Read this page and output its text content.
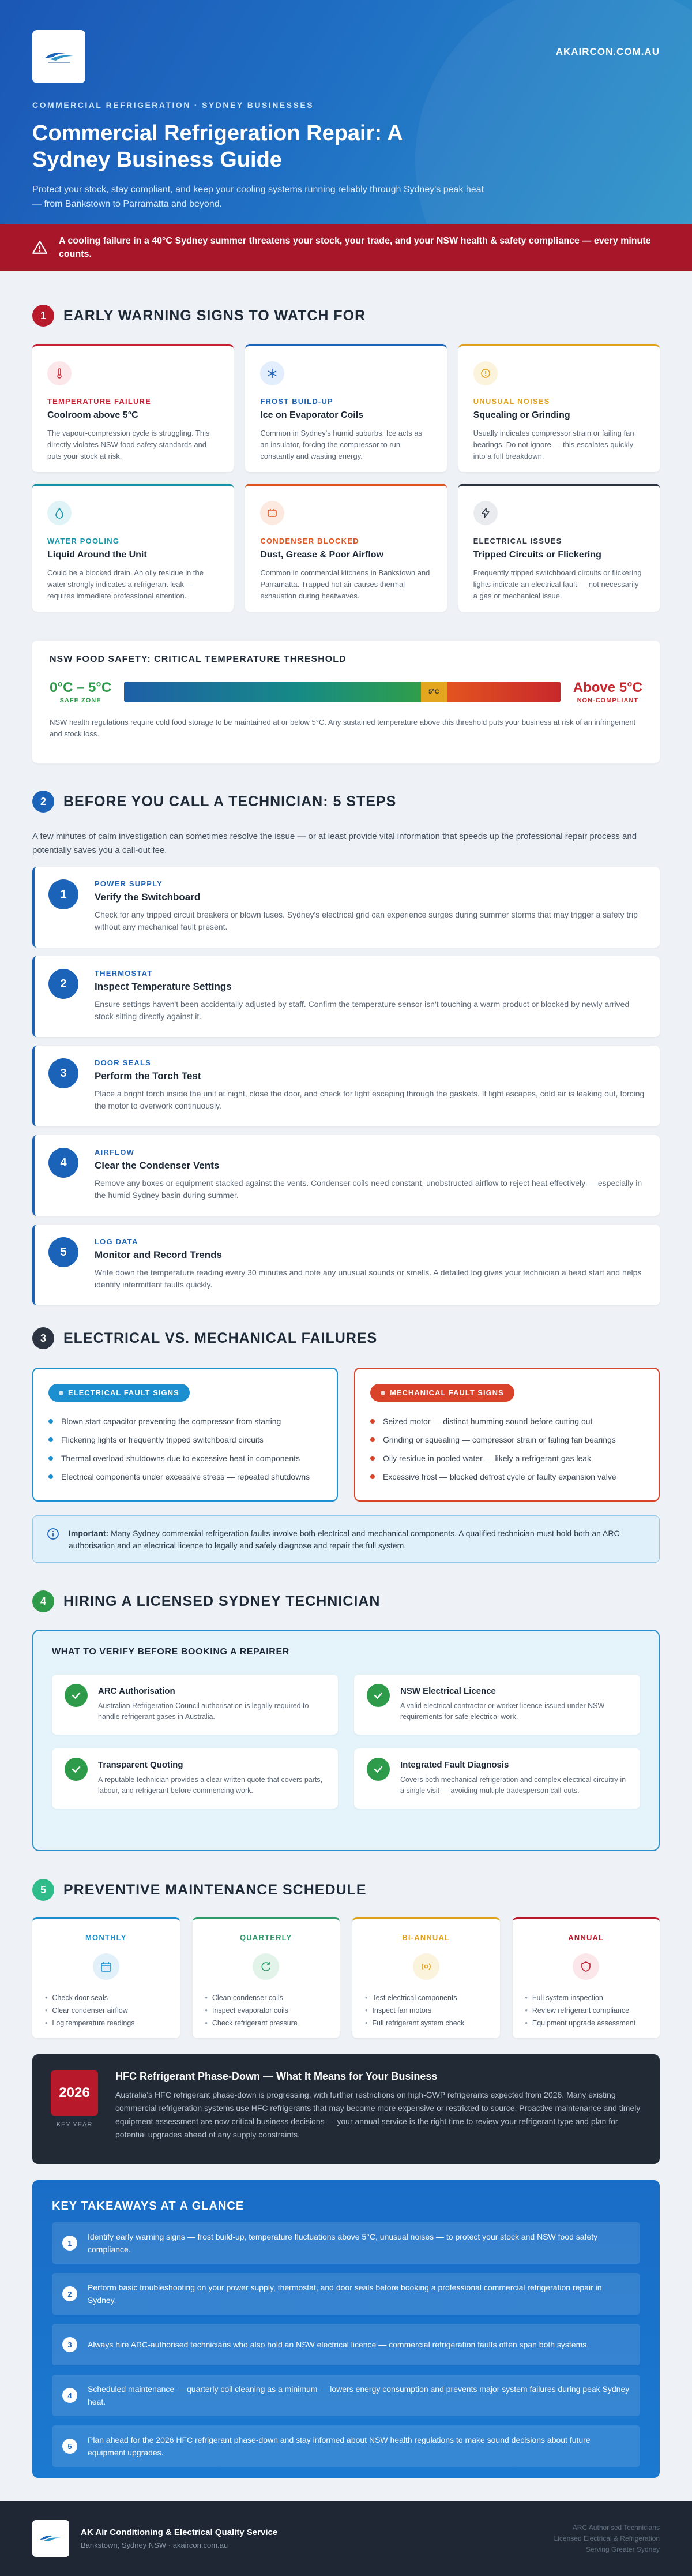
AKAIRCON.COM.AU
COMMERCIAL REFRIGERATION · SYDNEY BUSINESSES
Commercial Refrigeration Repair: A Sydney Business Guide

Protect your stock, stay compliant, and keep your cooling systems running reliably through Sydney's peak heat — from Bankstown to Parramatta and beyond.

A cooling failure in a 40°C Sydney summer threatens your stock, your trade, and your NSW health & safety compliance — every minute counts.
1	EARLY WARNING SIGNS TO WATCH FOR
TEMPERATURE FAILURE
Coolroom above 5°C
The vapour-compression cycle is struggling. This directly violates NSW food safety standards and puts your stock at risk.
FROST BUILD-UP
Ice on Evaporator Coils
Common in Sydney's humid suburbs. Ice acts as an insulator, forcing the compressor to run constantly and wasting energy.
UNUSUAL NOISES
Squealing or Grinding
Usually indicates compressor strain or failing fan bearings. Do not ignore — this escalates quickly into a full breakdown.
WATER POOLING
Liquid Around the Unit
Could be a blocked drain. An oily residue in the water strongly indicates a refrigerant leak — requires immediate professional attention.
CONDENSER BLOCKED
Dust, Grease & Poor Airflow
Common in commercial kitchens in Bankstown and Parramatta. Trapped hot air causes thermal exhaustion during heatwaves.
ELECTRICAL ISSUES
Tripped Circuits or Flickering
Frequently tripped switchboard circuits or flickering lights indicate an electrical fault — not necessarily a gas or mechanical issue.
NSW FOOD SAFETY: CRITICAL TEMPERATURE THRESHOLD
0°C – 5°C
SAFE ZONE
5°C	Above 5°C
NON-COMPLIANT
NSW health regulations require cold food storage to be maintained at or below 5°C. Any sustained temperature above this threshold puts your business at risk of an infringement and stock loss.
2	BEFORE YOU CALL A TECHNICIAN: 5 STEPS

A few minutes of calm investigation can sometimes resolve the issue — or at least provide vital information that speeds up the professional repair process and potentially saves you a call-out fee.

1
POWER SUPPLY
Verify the Switchboard
Check for any tripped circuit breakers or blown fuses. Sydney's electrical grid can experience surges during summer storms that may trigger a safety trip without any mechanical fault present.
2
THERMOSTAT
Inspect Temperature Settings
Ensure settings haven't been accidentally adjusted by staff. Confirm the temperature sensor isn't touching a warm product or blocked by newly arrived stock sitting directly against it.
3
DOOR SEALS
Perform the Torch Test
Place a bright torch inside the unit at night, close the door, and check for light escaping through the gaskets. If light escapes, cold air is leaking out, forcing the motor to overwork continuously.
4
AIRFLOW
Clear the Condenser Vents
Remove any boxes or equipment stacked against the vents. Condenser coils need constant, unobstructed airflow to reject heat effectively — especially in the humid Sydney basin during summer.
5
LOG DATA
Monitor and Record Trends
Write down the temperature reading every 30 minutes and note any unusual sounds or smells. A detailed log gives your technician a head start and helps identify intermittent faults quickly.
3	ELECTRICAL VS. MECHANICAL FAILURES
ELECTRICAL FAULT SIGNS
Blown start capacitor preventing the compressor from starting
Flickering lights or frequently tripped switchboard circuits
Thermal overload shutdowns due to excessive heat in components
Electrical components under excessive stress — repeated shutdowns
MECHANICAL FAULT SIGNS
Seized motor — distinct humming sound before cutting out
Grinding or squealing — compressor strain or failing fan bearings
Oily residue in pooled water — likely a refrigerant gas leak
Excessive frost — blocked defrost cycle or faulty expansion valve
Important: Many Sydney commercial refrigeration faults involve both electrical and mechanical components. A qualified technician must hold both an ARC authorisation and an electrical licence to legally and safely diagnose and repair the full system.
4	HIRING A LICENSED SYDNEY TECHNICIAN
WHAT TO VERIFY BEFORE BOOKING A REPAIRER
ARC Authorisation
Australian Refrigeration Council authorisation is legally required to handle refrigerant gases in Australia.
NSW Electrical Licence
A valid electrical contractor or worker licence issued under NSW requirements for safe electrical work.
Transparent Quoting
A reputable technician provides a clear written quote that covers parts, labour, and refrigerant before commencing work.
Integrated Fault Diagnosis
Covers both mechanical refrigeration and complex electrical circuitry in a single visit — avoiding multiple tradesperson call-outs.
5	PREVENTIVE MAINTENANCE SCHEDULE
MONTHLY
• Check door seals
• Clear condenser airflow
• Log temperature readings
QUARTERLY
• Clean condenser coils
• Inspect evaporator coils
• Check refrigerant pressure
BI-ANNUAL
• Test electrical components
• Inspect fan motors
• Full refrigerant system check
ANNUAL
• Full system inspection
• Review refrigerant compliance
• Equipment upgrade assessment
2026
KEY YEAR
HFC Refrigerant Phase-Down — What It Means for Your Business
Australia's HFC refrigerant phase-down is progressing, with further restrictions on high-GWP refrigerants expected from 2026. Many existing commercial refrigeration systems use HFC refrigerants that may become more expensive or restricted to source. Proactive maintenance and timely equipment assessment are now critical business decisions — your annual service is the right time to review your refrigerant type and plan for potential upgrades ahead of any supply constraints.
KEY TAKEAWAYS AT A GLANCE
1
Identify early warning signs — frost build-up, temperature fluctuations above 5°C, unusual noises — to protect your stock and NSW food safety compliance.
2
Perform basic troubleshooting on your power supply, thermostat, and door seals before booking a professional commercial refrigeration repair in Sydney.
3	Always hire ARC-authorised technicians who also hold an NSW electrical licence — commercial refrigeration faults often span both systems.
4
Scheduled maintenance — quarterly coil cleaning as a minimum — lowers energy consumption and prevents major system failures during peak Sydney heat.
5
Plan ahead for the 2026 HFC refrigerant phase-down and stay informed about NSW health regulations to make sound decisions about future equipment upgrades.
AK Air Conditioning & Electrical Quality Service
Bankstown, Sydney NSW · akaircon.com.au
ARC Authorised Technicians
Licensed Electrical & Refrigeration
Serving Greater Sydney
